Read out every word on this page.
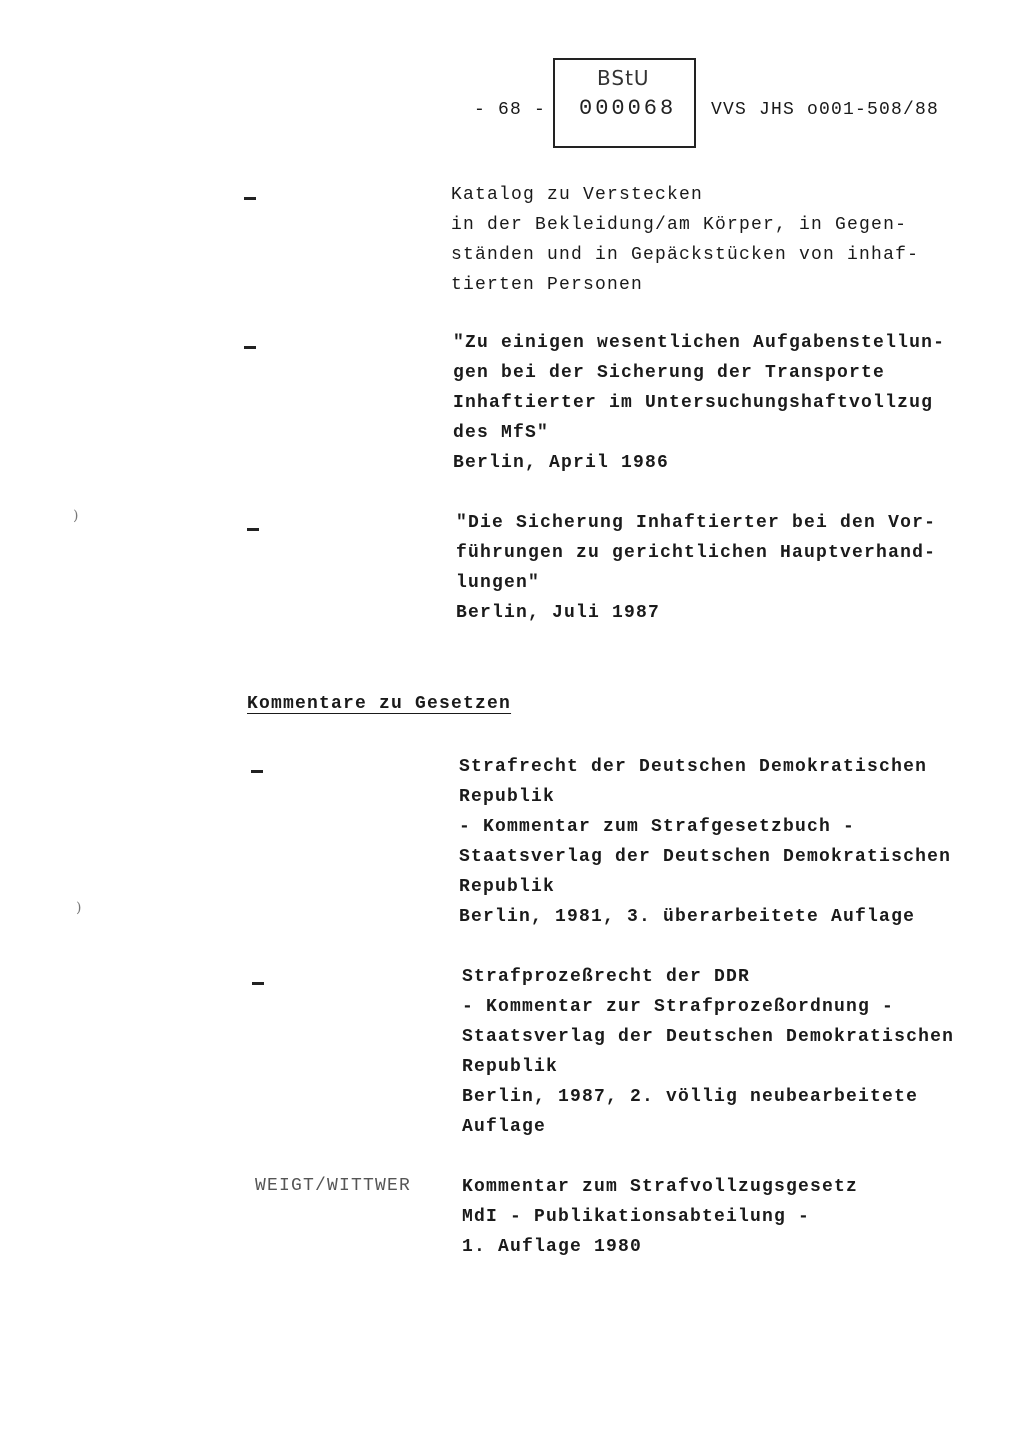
- 68 -
BStU
000068 VVS JHS o001-508/88
Katalog zu Verstecken
in der Bekleidung/am Körper, in Gegen-
ständen und in Gepäckstücken von inhaf-
tierten Personen
"Zu einigen wesentlichen Aufgabenstellun-
gen bei der Sicherung der Transporte
Inhaftierter im Untersuchungshaftvollzug
des MfS"
Berlin, April 1986
"Die Sicherung Inhaftierter bei den Vor-
führungen zu gerichtlichen Hauptverhand-
lungen"
Berlin, Juli 1987
)
)
Kommentare zu Gesetzen
Strafrecht der Deutschen Demokratischen
Republik
- Kommentar zum Strafgesetzbuch -
Staatsverlag der Deutschen Demokratischen
Republik
Berlin, 1981, 3. überarbeitete Auflage
Strafprozeßrecht der DDR
- Kommentar zur Strafprozeßordnung -
Staatsverlag der Deutschen Demokratischen
Republik
Berlin, 1987, 2. völlig neubearbeitete
Auflage
WEIGT/WITTWER	Kommentar zum Strafvollzugsgesetz
MdI - Publikationsabteilung -
1. Auflage 1980
